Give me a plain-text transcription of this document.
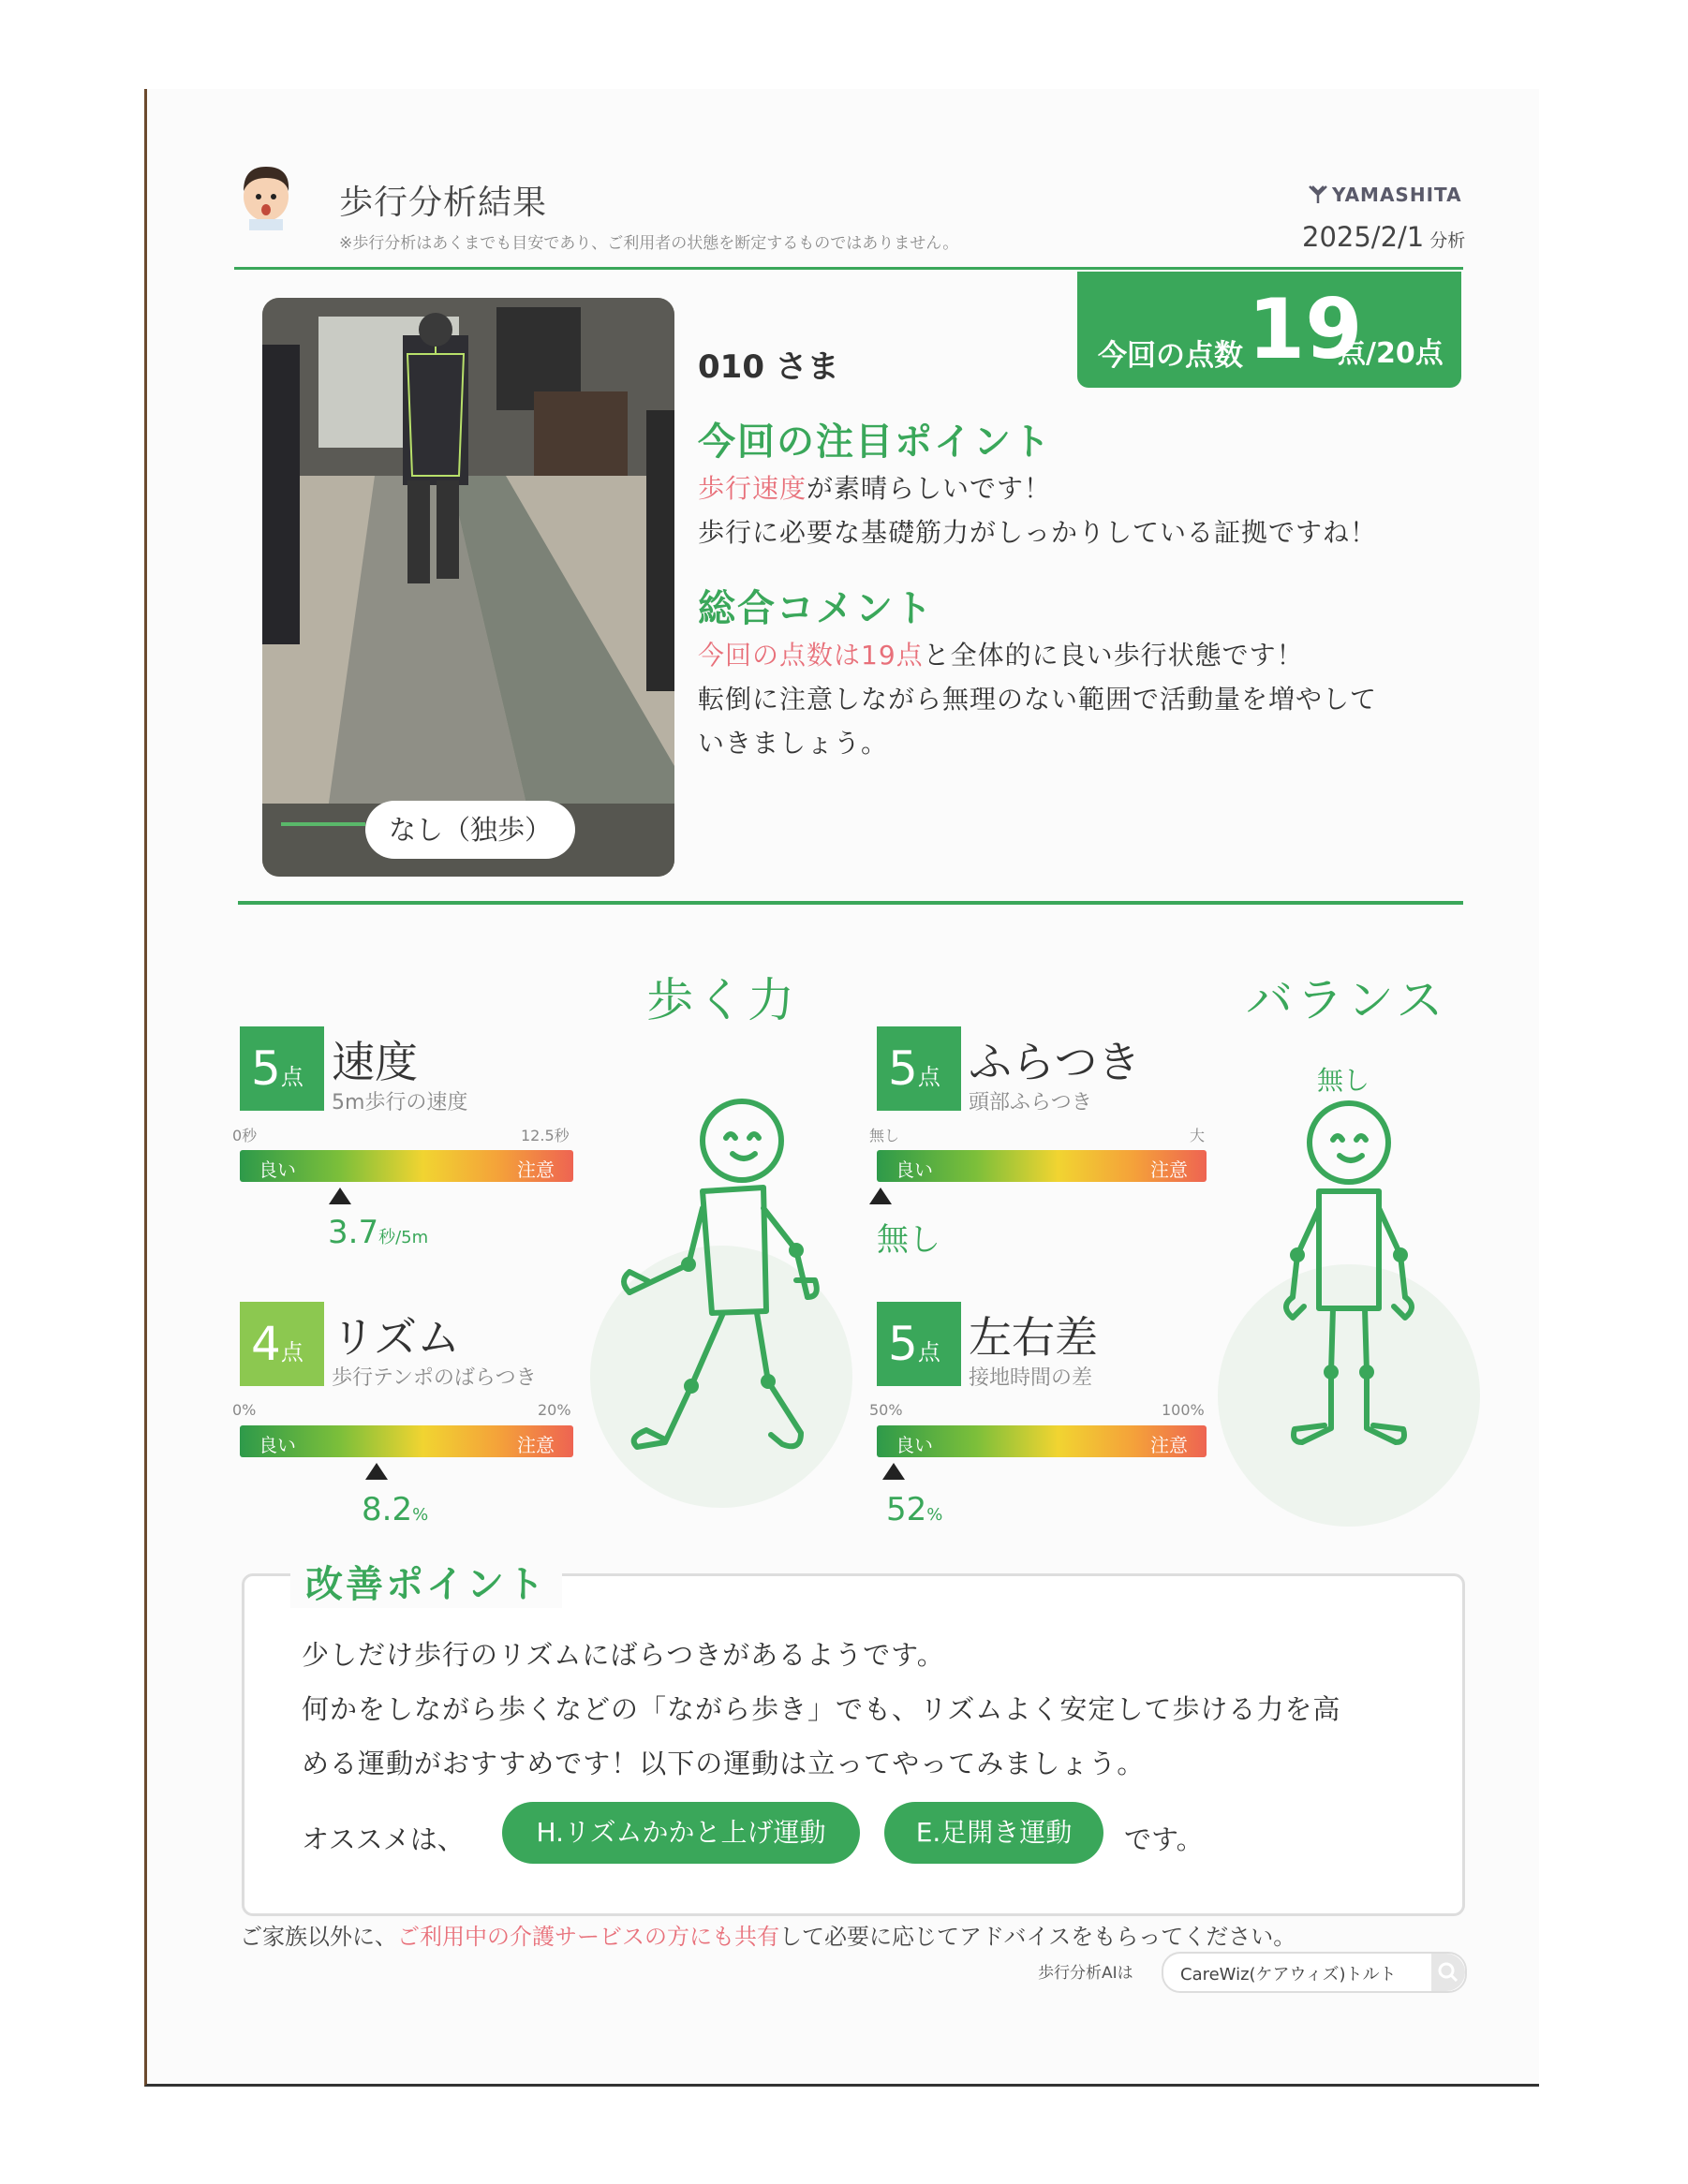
歩行分析結果
※歩行分析はあくまでも目安であり、ご利用者の状態を断定するものではありません。
YAMASHITA
2025/2/1 分析
今回の点数 19
点/20点
なし（独歩）
010 さま
今回の注目ポイント
歩行速度が素晴らしいです！
歩行に必要な基礎筋力がしっかりしている証拠ですね！
総合コメント
今回の点数は19点と全体的に良い歩行状態です！
転倒に注意しながら無理のない範囲で活動量を増やして
いきましょう。
歩く力	バランス
5点 速度
5m歩行の速度
0秒	12.5秒
良い	注意
3.7秒/5m
4点 リズム
歩行テンポのばらつき
0%	20%
良い	注意
8.2%
5点 ふらつき
頭部ふらつき
無し	大
良い	注意
無し
5点 左右差
接地時間の差
50%	100%
良い	注意
52%
無し
改善ポイント
少しだけ歩行のリズムにばらつきがあるようです。
何かをしながら歩くなどの「ながら歩き」でも、リズムよく安定して歩ける力を高
める運動がおすすめです！以下の運動は立ってやってみましょう。
オススメは、	H.リズムかかと上げ運動	E.足開き運動	です。
ご家族以外に、ご利用中の介護サービスの方にも共有して必要に応じてアドバイスをもらってください。
歩行分析AIは	CareWiz(ケアウィズ)トルト
